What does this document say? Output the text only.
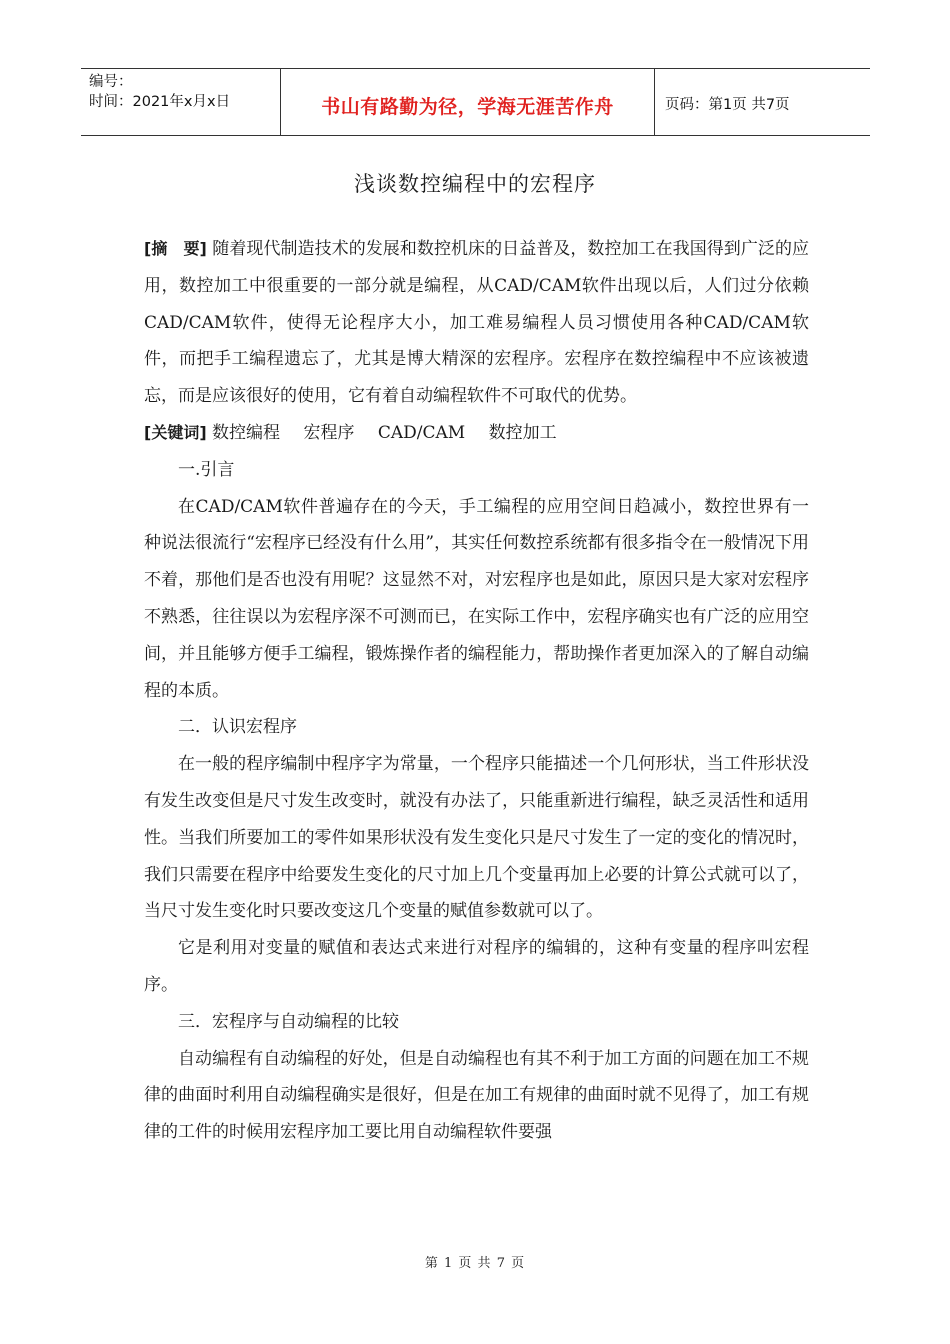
编号：
时间：2021年x月x日	书山有路勤为径，学海无涯苦作舟	页码：第1页 共7页
浅谈数控编程中的宏程序

[摘　要] 随着现代制造技术的发展和数控机床的日益普及，数控加工在我国得到广泛的应用，数控加工中很重要的一部分就是编程，从CAD/CAM软件出现以后，人们过分依赖CAD/CAM软件，使得无论程序大小，加工难易编程人员习惯使用各种CAD/CAM软件，而把手工编程遗忘了，尤其是博大精深的宏程序。宏程序在数控编程中不应该被遗忘，而是应该很好的使用，它有着自动编程软件不可取代的优势。

[关键词] 数控编程 宏程序 CAD/CAM 数控加工

一.引言

在CAD/CAM软件普遍存在的今天，手工编程的应用空间日趋减小，数控世界有一种说法很流行“宏程序已经没有什么用”，其实任何数控系统都有很多指令在一般情况下用不着，那他们是否也没有用呢？这显然不对，对宏程序也是如此，原因只是大家对宏程序不熟悉，往往误以为宏程序深不可测而已，在实际工作中，宏程序确实也有广泛的应用空间，并且能够方便手工编程，锻炼操作者的编程能力，帮助操作者更加深入的了解自动编程的本质。

二．认识宏程序

在一般的程序编制中程序字为常量，一个程序只能描述一个几何形状，当工件形状没有发生改变但是尺寸发生改变时，就没有办法了，只能重新进行编程，缺乏灵活性和适用性。当我们所要加工的零件如果形状没有发生变化只是尺寸发生了一定的变化的情况时，我们只需要在程序中给要发生变化的尺寸加上几个变量再加上必要的计算公式就可以了，当尺寸发生变化时只要改变这几个变量的赋值参数就可以了。

它是利用对变量的赋值和表达式来进行对程序的编辑的，这种有变量的程序叫宏程序。

三．宏程序与自动编程的比较

自动编程有自动编程的好处，但是自动编程也有其不利于加工方面的问题在加工不规律的曲面时利用自动编程确实是很好，但是在加工有规律的曲面时就不见得了，加工有规律的工件的时候用宏程序加工要比用自动编程软件要强

第 1 页 共 7 页
